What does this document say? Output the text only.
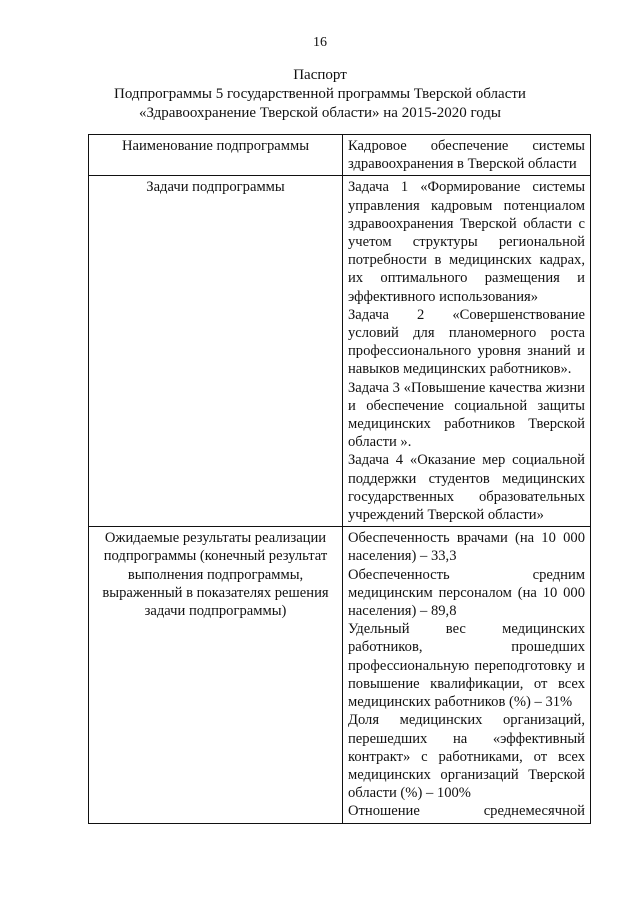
16
Паспорт
Подпрограммы 5 государственной программы Тверской области
«Здравоохранение Тверской области» на 2015-2020 годы
Наименование подпрограммы	Кадровое обеспечение системы здравоохранения в Тверской области
Задачи подпрограммы	Задача 1 «Формирование системы управления кадровым потенциалом здравоохранения Тверской области с учетом структуры региональной потребности в медицинских кадрах, их оптимального размещения и эффективного использования»
Задача 2 «Совершенствование условий для планомерного роста профессионального уровня знаний и навыков медицинских работников».
Задача 3 «Повышение качества жизни и обеспечение социальной защиты медицинских работников Тверской области ».
Задача 4 «Оказание мер социальной поддержки студентов медицинских государственных образовательных учреждений Тверской области»

Ожидаемые результаты реализации подпрограммы (конечный результат выполнения подпрограммы, выраженный в показателях решения задачи подпрограммы)	Обеспеченность врачами (на 10 000 населения) – 33,3
Обеспеченность средним медицинским персоналом (на 10 000 населения) – 89,8
Удельный вес медицинских работников, прошедших профессиональную переподготовку и повышение квалификации, от всех медицинских работников (%) – 31%
Доля медицинских организаций, перешедших на «эффективный контракт» с работниками, от всех медицинских организаций Тверской области (%) – 100%
Отношение среднемесячной
